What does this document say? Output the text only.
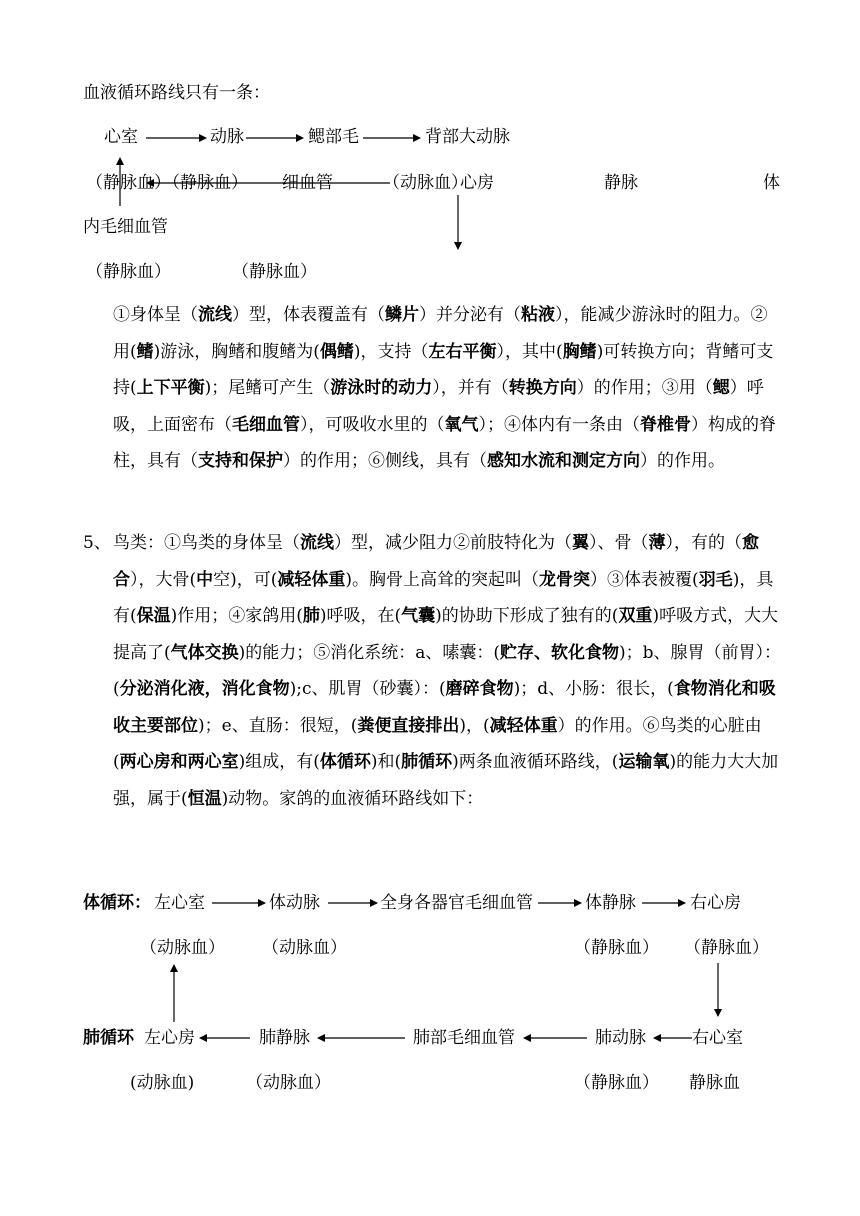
血液循环路线只有一条：
心室	动脉	鳃部毛	背部大动脉
（静脉血）
（静脉血） 细血管	（动脉血）
心房	静脉	体
内毛细血管
（静脉血）	（静脉血）
①身体呈（流线）型，体表覆盖有（鳞片）并分泌有（粘液），能减少游泳时的阻力。②用(鳍)游泳，胸鳍和腹鳍为(偶鳍)，支持（左右平衡），其中(胸鳍)可转换方向；背鳍可支持(上下平衡)；尾鳍可产生（游泳时的动力），并有（转换方向）的作用；③用（鳃）呼吸，上面密布（毛细血管），可吸收水里的（氧气）；④体内有一条由（脊椎骨）构成的脊柱，具有（支持和保护）的作用；⑥侧线，具有（感知水流和测定方向）的作用。
5、 鸟类：①鸟类的身体呈（流线）型，减少阻力②前肢特化为（翼）、骨（薄），有的（愈合），大骨(中空)，可(减轻体重)。胸骨上高耸的突起叫（龙骨突）③体表被覆(羽毛)，具有(保温)作用；④家鸽用(肺)呼吸，在(气囊)的协助下形成了独有的(双重)呼吸方式，大大提高了(气体交换)的能力；⑤消化系统：a、嗉囊：(贮存、软化食物)；b、腺胃（前胃）：(分泌消化液，消化食物);c、肌胃（砂囊）：(磨碎食物)；d、小肠：很长，(食物消化和吸收主要部位)；e、直肠：很短，(粪便直接排出)，(减轻体重）的作用。⑥鸟类的心脏由(两心房和两心室)组成，有(体循环)和(肺循环)两条血液循环路线，(运输氧)的能力大大加强，属于(恒温)动物。家鸽的血液循环路线如下：
体循环： 左心室	体动脉	全身各器官毛细血管	体静脉	右心房
（动脉血） （动脉血）	（静脉血） （静脉血）
肺循环 左心房	肺静脉	肺部毛细血管	肺动脉	右心室
(动脉血)	（动脉血）	（静脉血） 静脉血
